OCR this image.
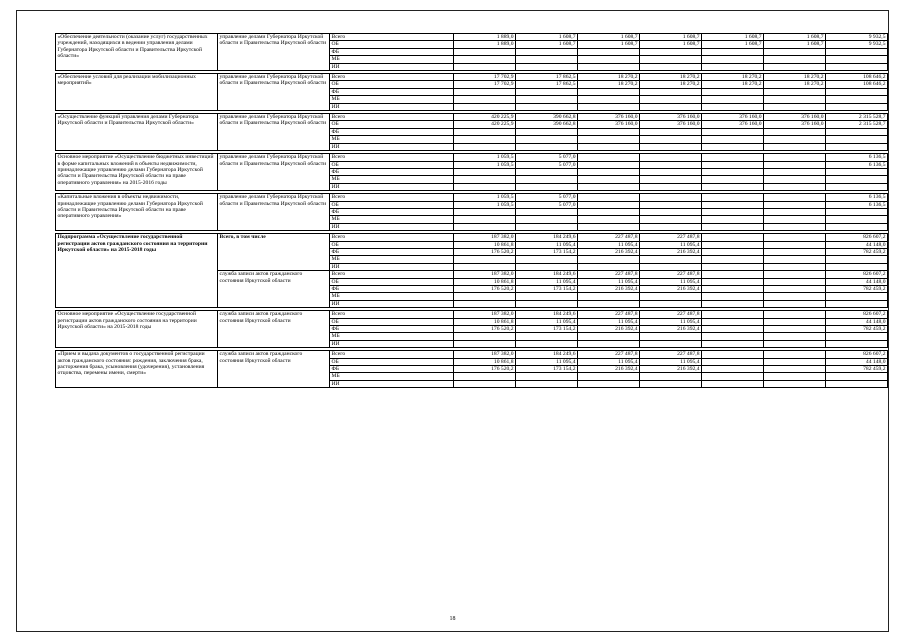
«Обеспечение деятельности (оказание услуг) государственных учреждений, находящихся в ведении управления делами Губернатора Иркутской области и Правительства Иркутской области»	управление делами Губернатора Иркутской области и Правительства Иркутской области	Всего	1 889,0	1 608,7	1 608,7	1 608,7	1 608,7	1 608,7	9 932,5
		ОБ	1 889,0	1 608,7	1 608,7	1 608,7	1 608,7	1 608,7	9 932,5
		ФБ							
		МБ							
		ИИ							

«Обеспечение условий для реализации мобилизационных мероприятий»	управление делами Губернатора Иркутской области и Правительства Иркутской области	Всего	17 702,9	17 862,5	18 270,2	18 270,2	18 270,2	18 270,2	108 646,2
		ОБ	17 702,9	17 862,5	18 270,2	18 270,2	18 270,2	18 270,2	108 646,2
		ФБ							
		МБ							
		ИИ							

«Осуществление функций управления делами Губернатора Иркутской области и Правительства Иркутской области»	управление делами Губернатора Иркутской области и Правительства Иркутской области	Всего	420 225,9	390 662,8	376 160,0	376 160,0	376 160,0	376 160,0	2 315 528,7
		ОБ	420 225,9	390 662,8	376 160,0	376 160,0	376 160,0	376 160,0	2 315 528,7
		ФБ							
		МБ							
		ИИ							

Основное мероприятие «Осуществление бюджетных инвестиций в форме капитальных вложений в объекты недвижимости, принадлежащие управлению делами Губернатора Иркутской области и Правительства Иркутской области на праве оперативного управления» на 2015-2016 годы	управление делами Губернатора Иркутской области и Правительства Иркутской области	Всего	1 059,5	5 077,0					6 136,5
		ОБ	1 059,5	5 077,0					6 136,5
		ФБ							
		МБ							
		ИИ							

«Капитальные вложения в объекты недвижимости, принадлежащие управлению делами Губернатора Иркутской области и Правительства Иркутской области на праве оперативного управления»	управление делами Губернатора Иркутской области и Правительства Иркутской области	Всего	1 059,5	5 077,0					6 136,5
		ОБ	1 059,5	5 077,0					6 136,5
		ФБ							
		МБ							
		ИИ							

Подпрограмма «Осуществление государственной регистрации актов гражданского состояния на территории Иркутской области» на 2015-2018 годы	Всего, в том числе	Всего	187 382,0	184 249,6	227 487,8	227 487,8			826 607,2
		ОБ	10 861,8	11 095,4	11 095,4	11 095,4			44 148,0
		ФБ	176 520,2	173 154,2	216 392,4	216 392,4			782 459,2
		МБ							
		ИИ							
	служба записи актов гражданского состояния Иркутской области	Всего	187 382,0	184 249,6	227 487,8	227 487,8			826 607,2
		ОБ	10 861,8	11 095,4	11 095,4	11 095,4			44 148,0
		ФБ	176 520,2	173 154,2	216 392,4	216 392,4			782 459,2
		МБ							
		ИИ							

Основное мероприятие «Осуществление государственной регистрации актов гражданского состояния на территории Иркутской области» на 2015-2018 годы	служба записи актов гражданского состояния Иркутской области	Всего	187 382,0	184 249,6	227 487,8	227 487,8			826 607,2
		ОБ	10 861,8	11 095,4	11 095,4	11 095,4			44 148,0
		ФБ	176 520,2	173 154,2	216 392,4	216 392,4			782 459,2
		МБ							
		ИИ							

«Прием и выдача документов о государственной регистрации актов гражданского состояния: рождения, заключения брака, расторжения брака, усыновления (удочерения), установления отцовства, перемены имени, смерти»	служба записи актов гражданского состояния Иркутской области	Всего	187 382,0	184 249,6	227 487,8	227 487,8			826 607,2
		ОБ	10 861,8	11 095,4	11 095,4	11 095,4			44 148,0
		ФБ	176 520,2	173 154,2	216 392,4	216 392,4			782 459,2
		МБ							
		ИИ							
18
